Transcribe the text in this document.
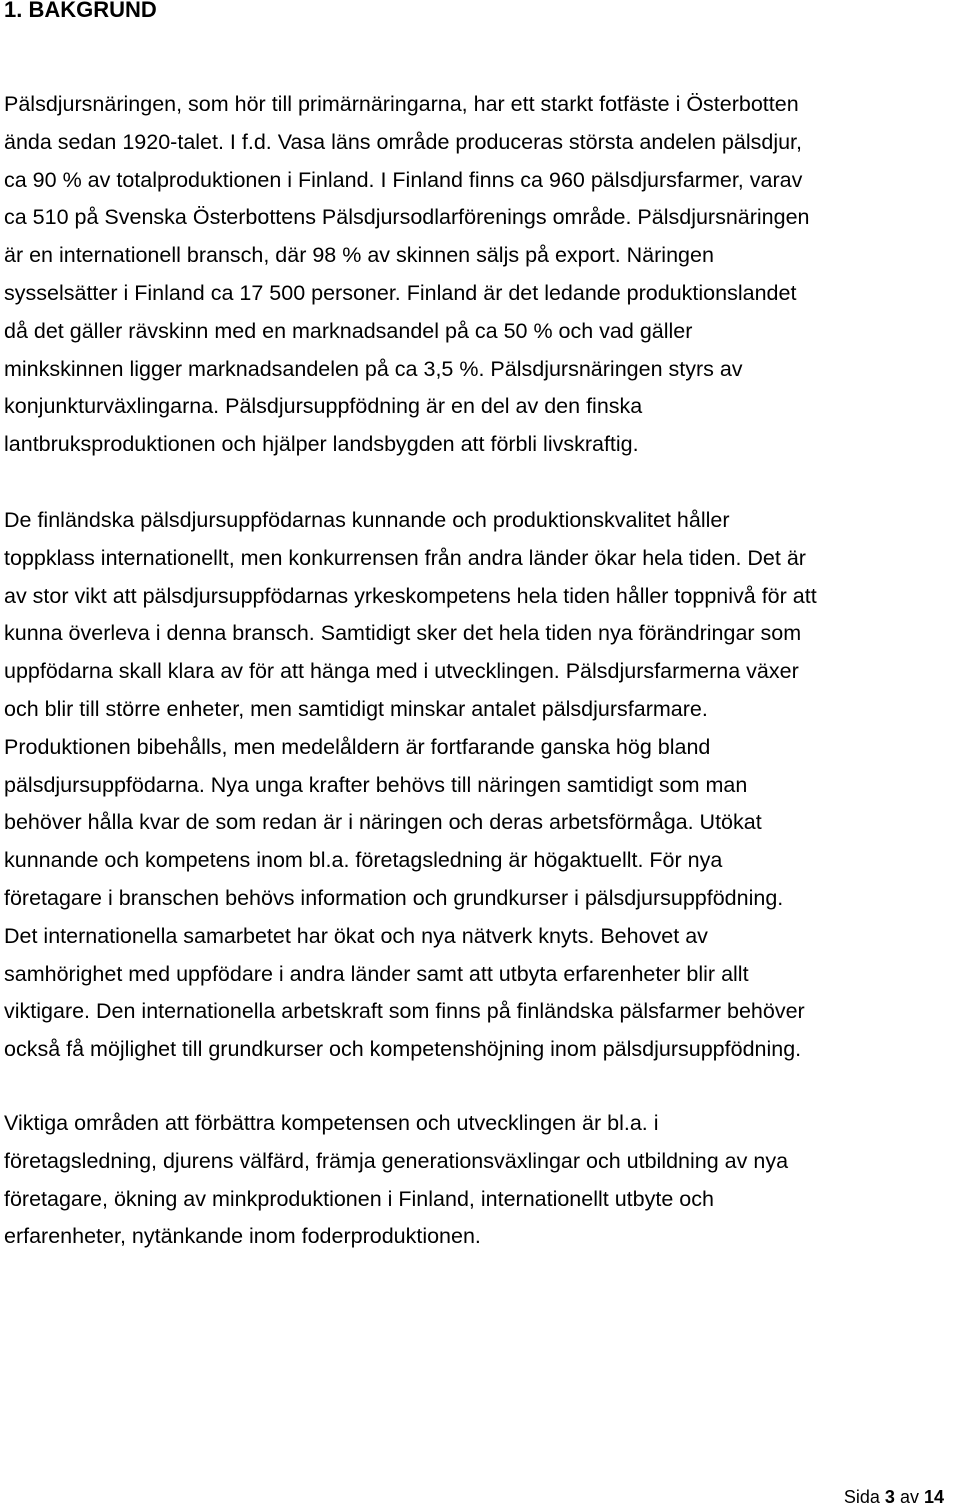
1. BAKGRUND

Pälsdjursnäringen, som hör till primärnäringarna, har ett starkt fotfäste i Österbotten
ända sedan 1920-talet. I f.d. Vasa läns område produceras största andelen pälsdjur,
ca 90 % av totalproduktionen i Finland. I Finland finns ca 960 pälsdjursfarmer, varav
ca 510 på Svenska Österbottens Pälsdjursodlarförenings område. Pälsdjursnäringen
är en internationell bransch, där 98 % av skinnen säljs på export. Näringen
sysselsätter i Finland ca 17 500 personer. Finland är det ledande produktionslandet
då det gäller rävskinn med en marknadsandel på ca 50 % och vad gäller
minkskinnen ligger marknadsandelen på ca 3,5 %. Pälsdjursnäringen styrs av
konjunkturväxlingarna. Pälsdjursuppfödning är en del av den finska
lantbruksproduktionen och hjälper landsbygden att förbli livskraftig.

De finländska pälsdjursuppfödarnas kunnande och produktionskvalitet håller
toppklass internationellt, men konkurrensen från andra länder ökar hela tiden. Det är
av stor vikt att pälsdjursuppfödarnas yrkeskompetens hela tiden håller toppnivå för att
kunna överleva i denna bransch. Samtidigt sker det hela tiden nya förändringar som
uppfödarna skall klara av för att hänga med i utvecklingen. Pälsdjursfarmerna växer
och blir till större enheter, men samtidigt minskar antalet pälsdjursfarmare.
Produktionen bibehålls, men medelåldern är fortfarande ganska hög bland
pälsdjursuppfödarna. Nya unga krafter behövs till näringen samtidigt som man
behöver hålla kvar de som redan är i näringen och deras arbetsförmåga. Utökat
kunnande och kompetens inom bl.a. företagsledning är högaktuellt. För nya
företagare i branschen behövs information och grundkurser i pälsdjursuppfödning.
Det internationella samarbetet har ökat och nya nätverk knyts. Behovet av
samhörighet med uppfödare i andra länder samt att utbyta erfarenheter blir allt
viktigare. Den internationella arbetskraft som finns på finländska pälsfarmer behöver
också få möjlighet till grundkurser och kompetenshöjning inom pälsdjursuppfödning.

Viktiga områden att förbättra kompetensen och utvecklingen är bl.a. i
företagsledning, djurens välfärd, främja generationsväxlingar och utbildning av nya
företagare, ökning av minkproduktionen i Finland, internationellt utbyte och
erfarenheter, nytänkande inom foderproduktionen.

Sida 3 av 14
